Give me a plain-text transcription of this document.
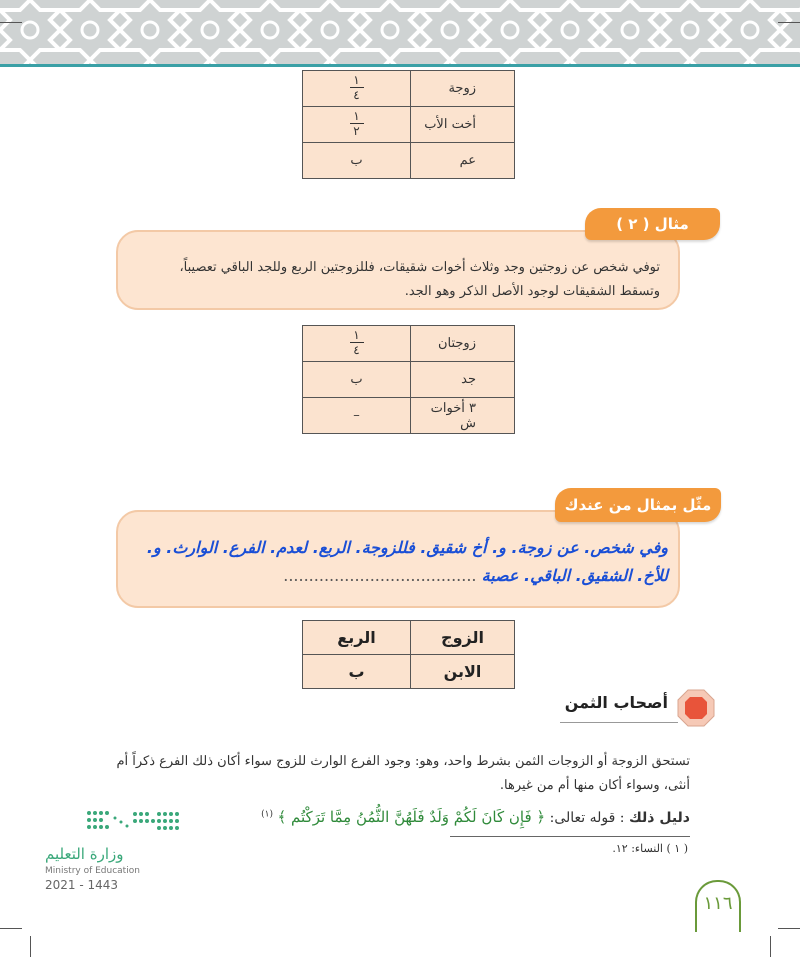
زوجة	$\frac{١}{٤}$

أخت الأب	$\frac{١}{٢}$

عم	ب
مثال ( ٢ )
توفي شخص عن زوجتين وجد وثلاث أخوات شقيقات، فللزوجتين الربع وللجد الباقي تعصيباً،
وتسقط الشقيقات لوجود الأصل الذكر وهو الجد.
زوجتان	$\frac{١}{٤}$

جد	ب
٣ أخوات ش	–
مثّل بمثال من عندك
وفي شخص. عن زوجة. و. أخ شقيق. فللزوجة. الربع. لعدم. الفرع. الوارث. و.
للأخ. الشقيق. الباقي. عصبة ......................................
الزوج	الربع
الابن	ب
أصحاب الثمن
تستحق الزوجة أو الزوجات الثمن بشرط واحد، وهو: وجود الفرع الوارث للزوج سواء أكان ذلك الفرع ذكراً أم
أنثى، وسواء أكان منها أم من غيرها.
دليل ذلك : قوله تعالى: ﴿ فَإِن كَانَ لَكُمْ وَلَدٌ فَلَهُنَّ الثُّمُنُ مِمَّا تَرَكْتُم ﴾ $^{(١)}$
( ١ ) النساء: ١٢.
وزارة التعليم
Ministry of Education
2021 - 1443
١١٦
